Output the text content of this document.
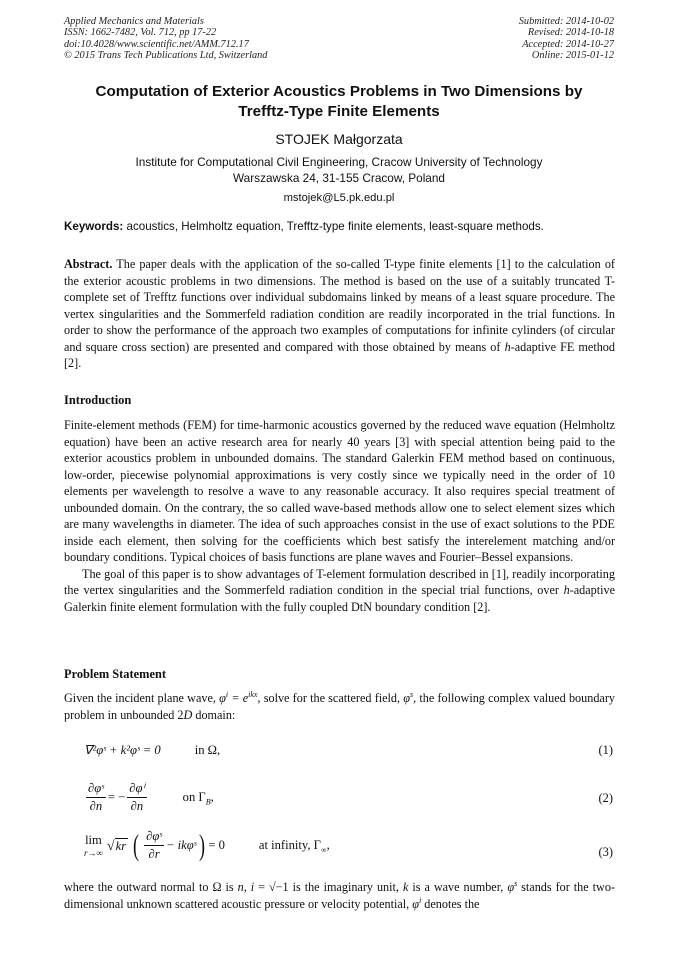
Applied Mechanics and Materials
ISSN: 1662-7482, Vol. 712, pp 17-22
doi:10.4028/www.scientific.net/AMM.712.17
© 2015 Trans Tech Publications Ltd, Switzerland
Submitted: 2014-10-02
Revised: 2014-10-18
Accepted: 2014-10-27
Online: 2015-01-12
Computation of Exterior Acoustics Problems in Two Dimensions by
Trefftz-Type Finite Elements
STOJEK Małgorzata
Institute for Computational Civil Engineering, Cracow University of Technology
Warszawska 24, 31-155 Cracow, Poland
mstojek@L5.pk.edu.pl
Keywords: acoustics, Helmholtz equation, Trefftz-type finite elements, least-square methods.
Abstract. The paper deals with the application of the so-called T-type finite elements [1] to the calculation of the exterior acoustic problems in two dimensions. The method is based on the use of a suitably truncated T-complete set of Trefftz functions over individual subdomains linked by means of a least square procedure. The vertex singularities and the Sommerfeld radiation condition are readily incorporated in the trial functions. In order to show the performance of the approach two examples of computations for infinite cylinders (of circular and square cross section) are presented and compared with those obtained by means of h-adaptive FE method [2].
Introduction

Finite-element methods (FEM) for time-harmonic acoustics governed by the reduced wave equation (Helmholtz equation) have been an active research area for nearly 40 years [3] with special attention being paid to the exterior acoustics problem in unbounded domains. The standard Galerkin FEM method based on continuous, low-order, piecewise polynomial approximations is very costly since we typically need in the order of 10 elements per wavelength to resolve a wave to any reasonable accuracy. It also requires special treatment of unbounded domain. On the contrary, the so called wave-based methods allow one to select element sizes which are many wavelengths in diameter. The idea of such approaches consist in the use of exact solutions to the PDE inside each element, then solving for the coefficients which best satisfy the interelement matching and/or boundary conditions. Typical choices of basis functions are plane waves and Fourier–Bessel expansions.

The goal of this paper is to show advantages of T-element formulation described in [1], readily incorporating the vertex singularities and the Sommerfeld radiation condition in the special trial functions, over h-adaptive Galerkin finite element formulation with the fully coupled DtN boundary condition [2].

Problem Statement
Given the incident plane wave, $\varphi^i = e^{ikx}$, solve for the scattered field, $\varphi^s$, the following complex valued boundary problem in unbounded 2D domain:
∇²φˢ + k²φˢ = 0	in Ω,	(1)
$\frac{\text{∂φˢ}}{\partial n}$ = − $\frac{\text{∂φⁱ}}{\partial n}$	on $\Gamma_B$,	(2)
lim
r→∞ √ kr ( $\frac{\text{∂φˢ}}{\partial r}$ − ikφˢ ) = 0	at infinity, $\Gamma_\infty$,	(3)
where the outward normal to Ω is n, i = √−1 is the imaginary unit, k is a wave number, $\varphi^s$ stands for the two-dimensional unknown scattered acoustic pressure or velocity potential, $\varphi^i$ denotes the
